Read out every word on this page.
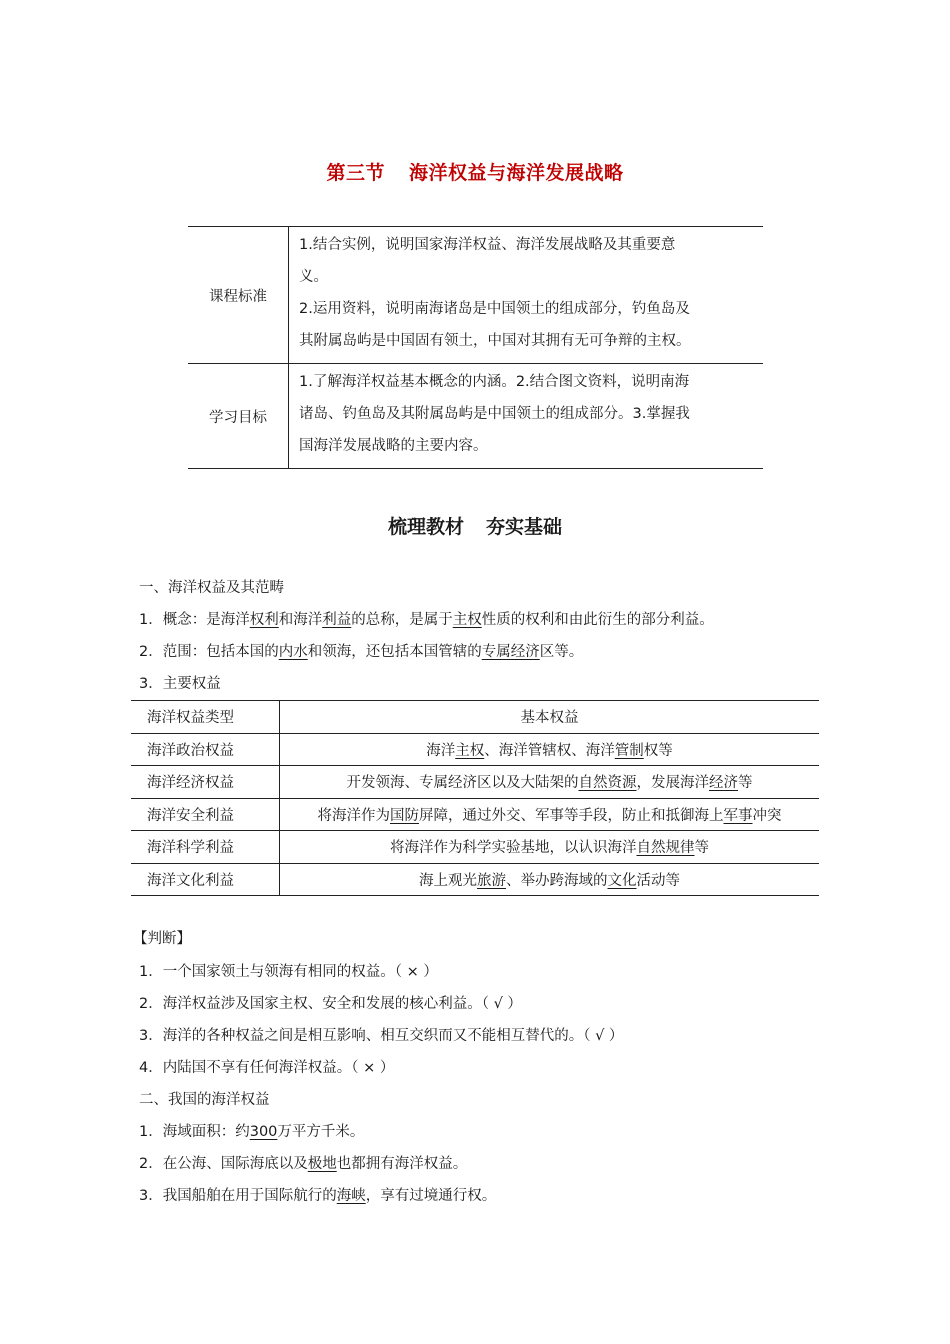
第三节 海洋权益与海洋发展战略
课程标准	1.结合实例，说明国家海洋权益、海洋发展战略及其重要意
义。
2.运用资料，说明南海诸岛是中国领土的组成部分，钓鱼岛及
其附属岛屿是中国固有领土，中国对其拥有无可争辩的主权。

学习目标	1.了解海洋权益基本概念的内涵。2.结合图文资料，说明南海
诸岛、钓鱼岛及其附属岛屿是中国领土的组成部分。3.掌握我
国海洋发展战略的主要内容。
梳理教材 夯实基础
一、海洋权益及其范畴
1．概念：是海洋权利和海洋利益的总称，是属于主权性质的权利和由此衍生的部分利益。
2．范围：包括本国的内水和领海，还包括本国管辖的专属经济区等。
3．主要权益
海洋权益类型	基本权益
海洋政治权益	海洋主权、海洋管辖权、海洋管制权等
海洋经济权益	开发领海、专属经济区以及大陆架的自然资源，发展海洋经济等
海洋安全利益	将海洋作为国防屏障，通过外交、军事等手段，防止和抵御海上军事冲突
海洋科学利益	将海洋作为科学实验基地，以认识海洋自然规律等
海洋文化利益	海上观光旅游、举办跨海域的文化活动等
【判断】
1．一个国家领土与领海有相同的权益。（ × ）
2．海洋权益涉及国家主权、安全和发展的核心利益。（ √ ）
3．海洋的各种权益之间是相互影响、相互交织而又不能相互替代的。（ √ ）
4．内陆国不享有任何海洋权益。（ × ）
二、我国的海洋权益
1．海域面积：约300万平方千米。
2．在公海、国际海底以及极地也都拥有海洋权益。
3．我国船舶在用于国际航行的海峡，享有过境通行权。
